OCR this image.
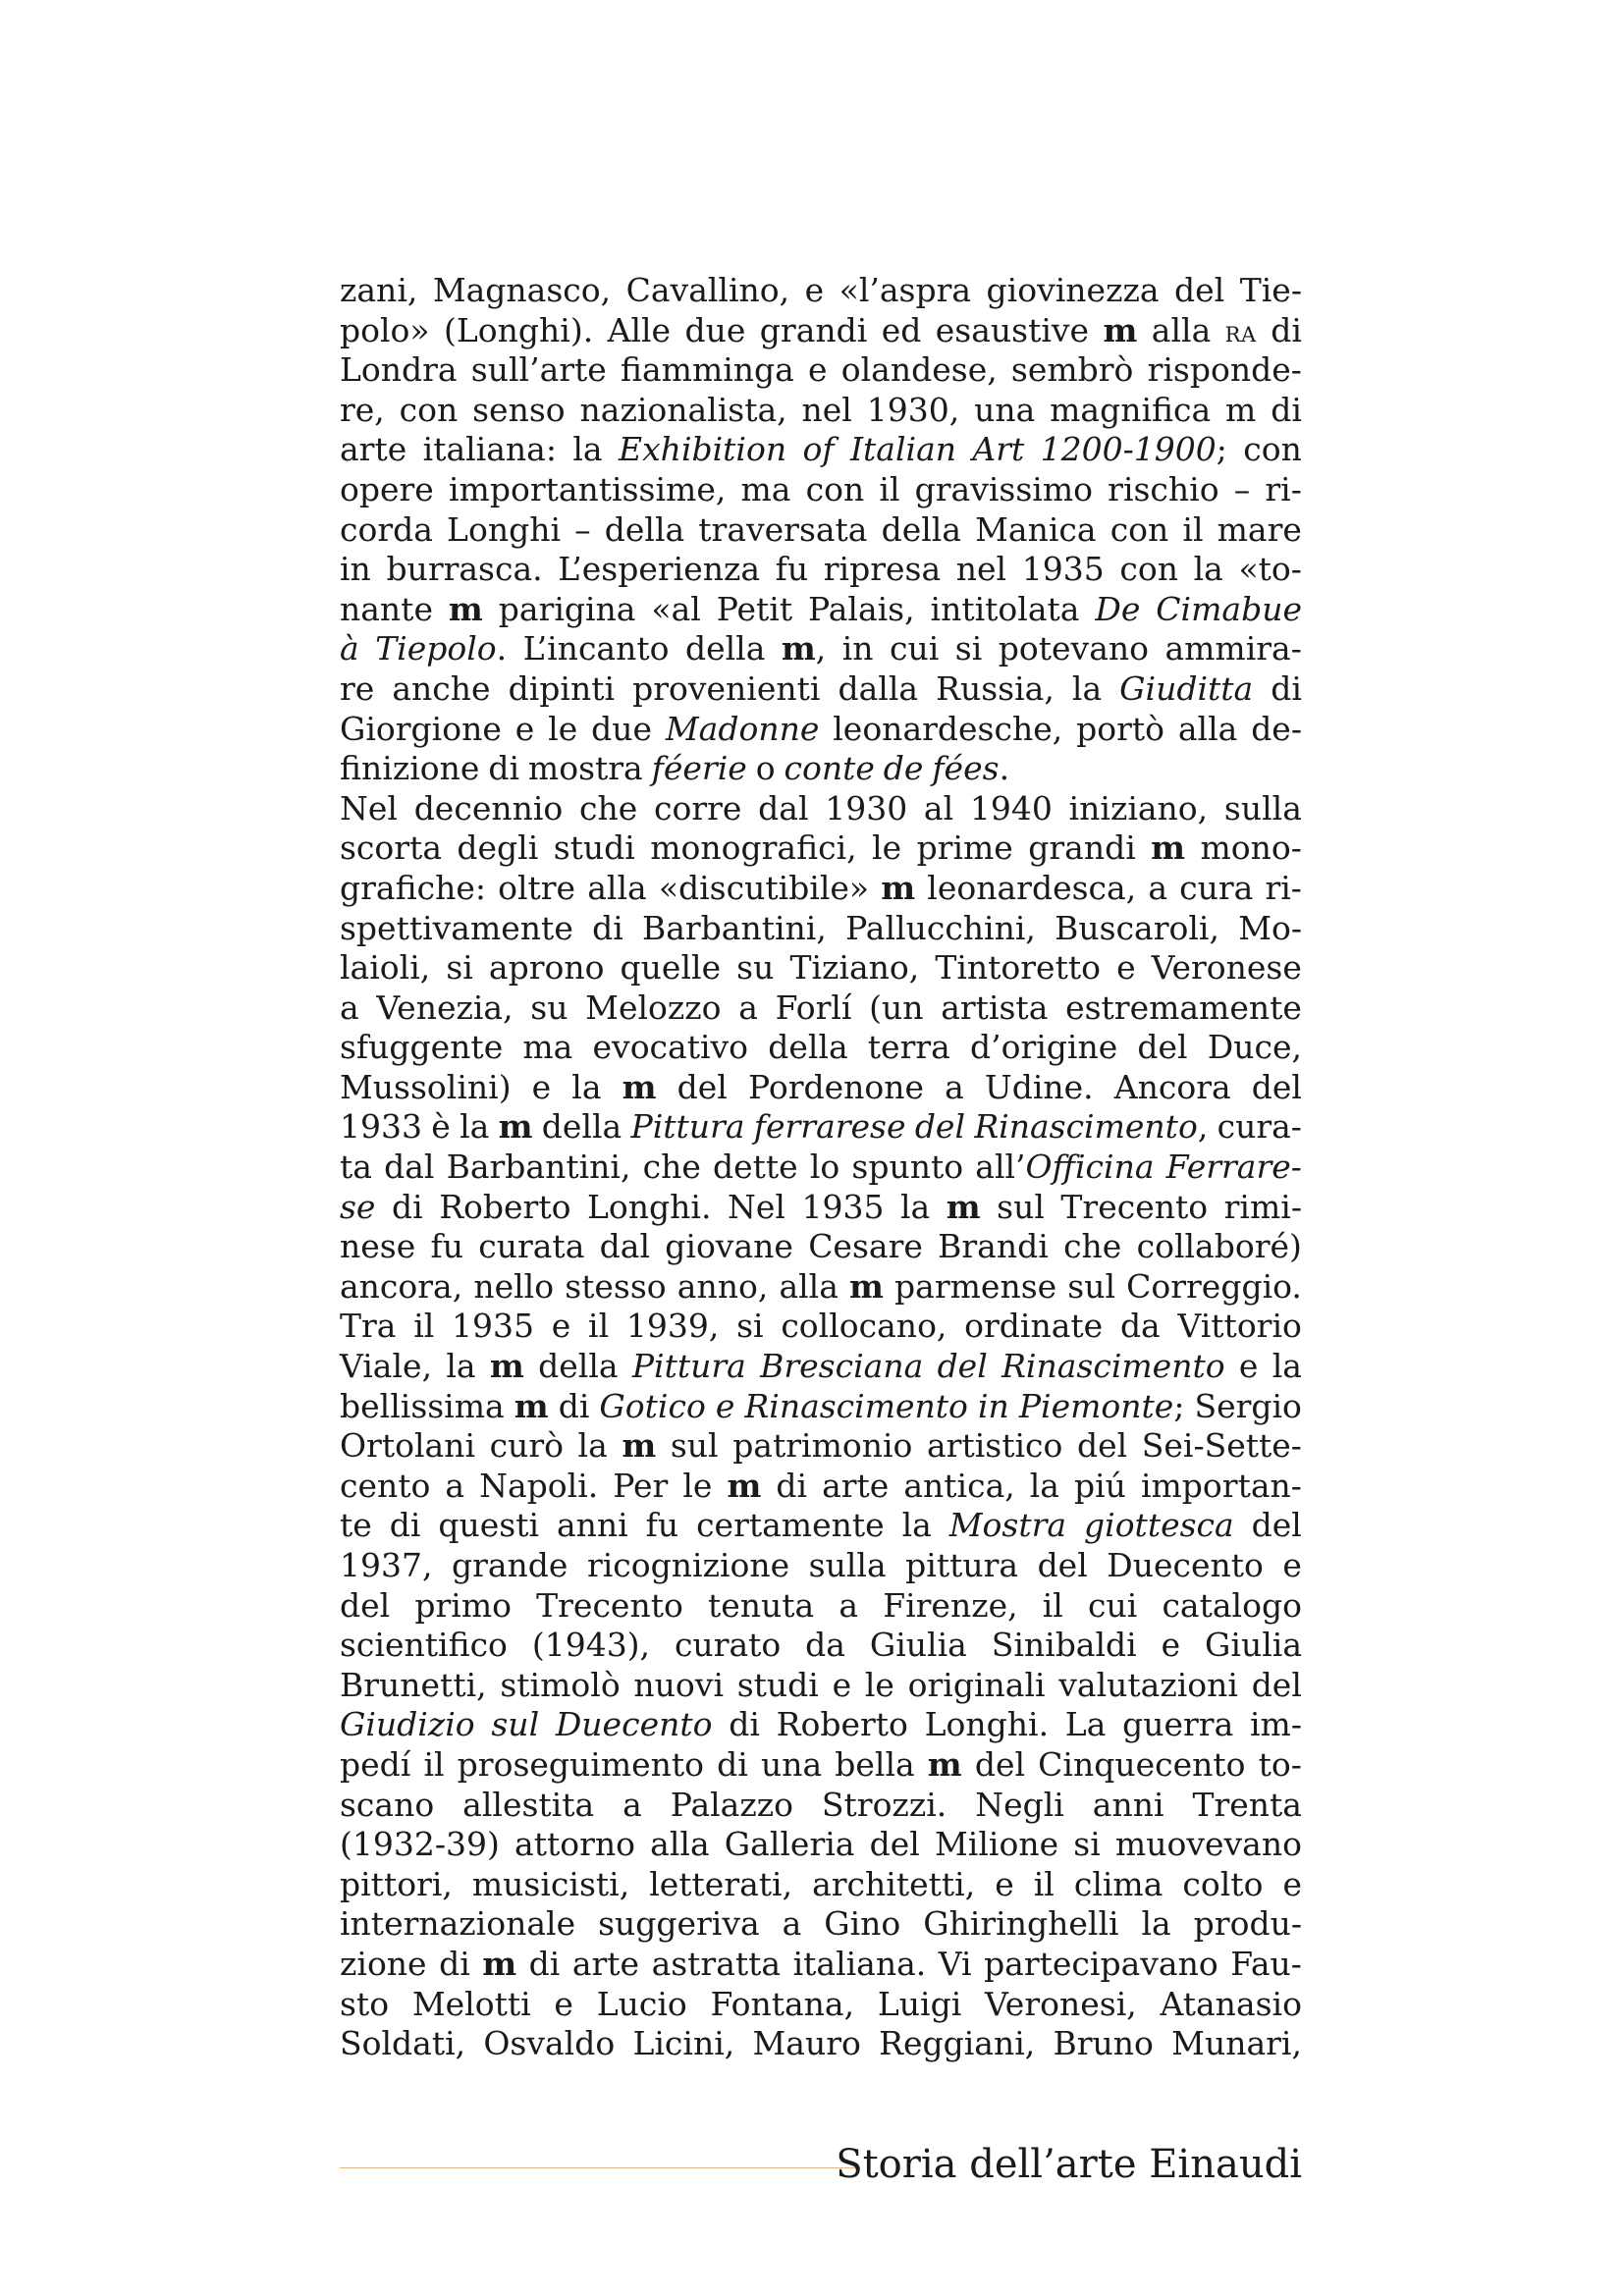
zani, Magnasco, Cavallino, e «l’aspra giovinezza del Tie-
polo» (Longhi). Alle due grandi ed esaustive m alla ra di
Londra sull’arte fiamminga e olandese, sembrò risponde-
re, con senso nazionalista, nel 1930, una magnifica m di
arte italiana: la Exhibition of Italian Art 1200-1900; con
opere importantissime, ma con il gravissimo rischio – ri-
corda Longhi – della traversata della Manica con il mare
in burrasca. L’esperienza fu ripresa nel 1935 con la «to-
nante m parigina «al Petit Palais, intitolata De Cimabue
à Tiepolo. L’incanto della m, in cui si potevano ammira-
re anche dipinti provenienti dalla Russia, la Giuditta di
Giorgione e le due Madonne leonardesche, portò alla de-
finizione di mostra féerie o conte de fées.
Nel decennio che corre dal 1930 al 1940 iniziano, sulla
scorta degli studi monografici, le prime grandi m mono-
grafiche: oltre alla «discutibile» m leonardesca, a cura ri-
spettivamente di Barbantini, Pallucchini, Buscaroli, Mo-
laioli, si aprono quelle su Tiziano, Tintoretto e Veronese
a Venezia, su Melozzo a Forlí (un artista estremamente
sfuggente ma evocativo della terra d’origine del Duce,
Mussolini) e la m del Pordenone a Udine. Ancora del
1933 è la m della Pittura ferrarese del Rinascimento, cura-
ta dal Barbantini, che dette lo spunto all’Officina Ferrare-
se di Roberto Longhi. Nel 1935 la m sul Trecento rimi-
nese fu curata dal giovane Cesare Brandi che collaboré)
ancora, nello stesso anno, alla m parmense sul Correggio.
Tra il 1935 e il 1939, si collocano, ordinate da Vittorio
Viale, la m della Pittura Bresciana del Rinascimento e la
bellissima m di Gotico e Rinascimento in Piemonte; Sergio
Ortolani curò la m sul patrimonio artistico del Sei-Sette-
cento a Napoli. Per le m di arte antica, la piú importan-
te di questi anni fu certamente la Mostra giottesca del
1937, grande ricognizione sulla pittura del Duecento e
del primo Trecento tenuta a Firenze, il cui catalogo
scientifico (1943), curato da Giulia Sinibaldi e Giulia
Brunetti, stimolò nuovi studi e le originali valutazioni del
Giudizio sul Duecento di Roberto Longhi. La guerra im-
pedí il proseguimento di una bella m del Cinquecento to-
scano allestita a Palazzo Strozzi. Negli anni Trenta
(1932-39) attorno alla Galleria del Milione si muovevano
pittori, musicisti, letterati, architetti, e il clima colto e
internazionale suggeriva a Gino Ghiringhelli la produ-
zione di m di arte astratta italiana. Vi partecipavano Fau-
sto Melotti e Lucio Fontana, Luigi Veronesi, Atanasio
Soldati, Osvaldo Licini, Mauro Reggiani, Bruno Munari,
Storia dell’arte Einaudi
